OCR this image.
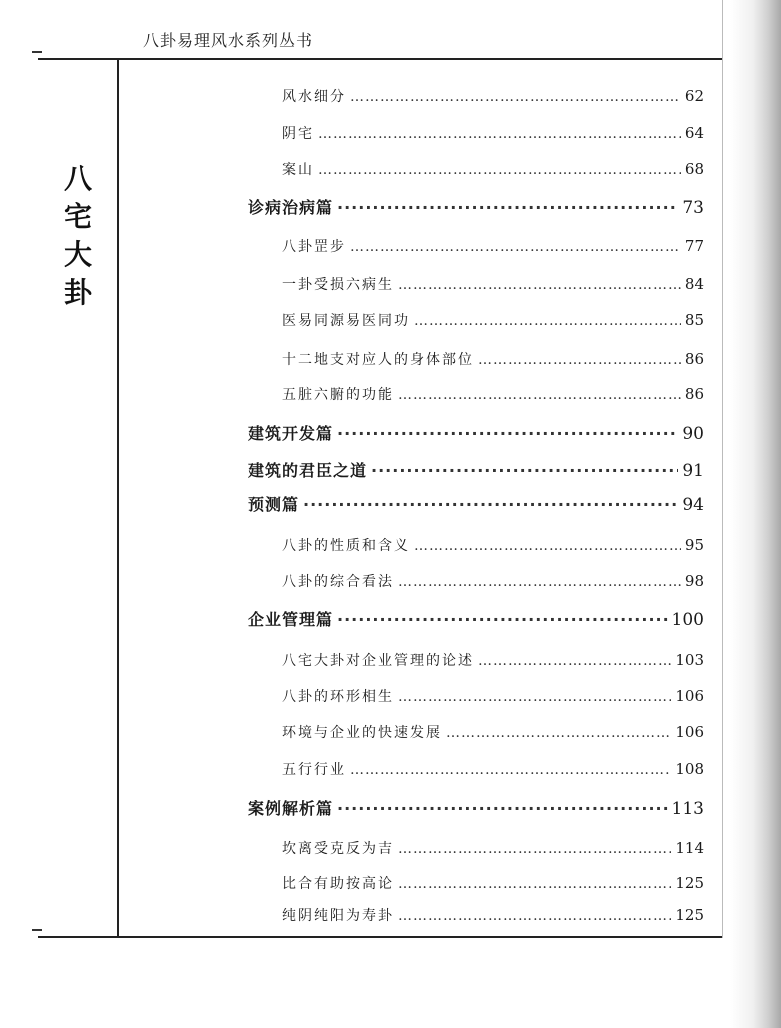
八卦易理风水系列丛书
八
宅
大
卦
风水细分 …………………………………………………………………………………………………………………………………………	62
阴宅 …………………………………………………………………………………………………………………………………………	64
案山 …………………………………………………………………………………………………………………………………………	68
诊病治病篇 ·····	73
八卦罡步 …………………………………………………………………………………………………………………………………………	77
一卦受损六病生 …………………………………………………………………………………………………………………………………………	84
医易同源易医同功 …………………………………………………………………………………………………………………………………………	85
十二地支对应人的身体部位 …………………………………………………………………………………………………………………………………………	86
五脏六腑的功能 …………………………………………………………………………………………………………………………………………	86
建筑开发篇 ·····	90
建筑的君臣之道 ·····	91
预测篇 ·····	94
八卦的性质和含义 …………………………………………………………………………………………………………………………………………	95
八卦的综合看法 …………………………………………………………………………………………………………………………………………	98
企业管理篇 ·····	100
八宅大卦对企业管理的论述 …………………………………………………………………………………………………………………………………………	103
八卦的环形相生 …………………………………………………………………………………………………………………………………………	106
环境与企业的快速发展 …………………………………………………………………………………………………………………………………………	106
五行行业 …………………………………………………………………………………………………………………………………………	108
案例解析篇 ·····	113
坎离受克反为吉 …………………………………………………………………………………………………………………………………………	114
比合有助按高论 …………………………………………………………………………………………………………………………………………	125
纯阴纯阳为寿卦 …………………………………………………………………………………………………………………………………………	125
